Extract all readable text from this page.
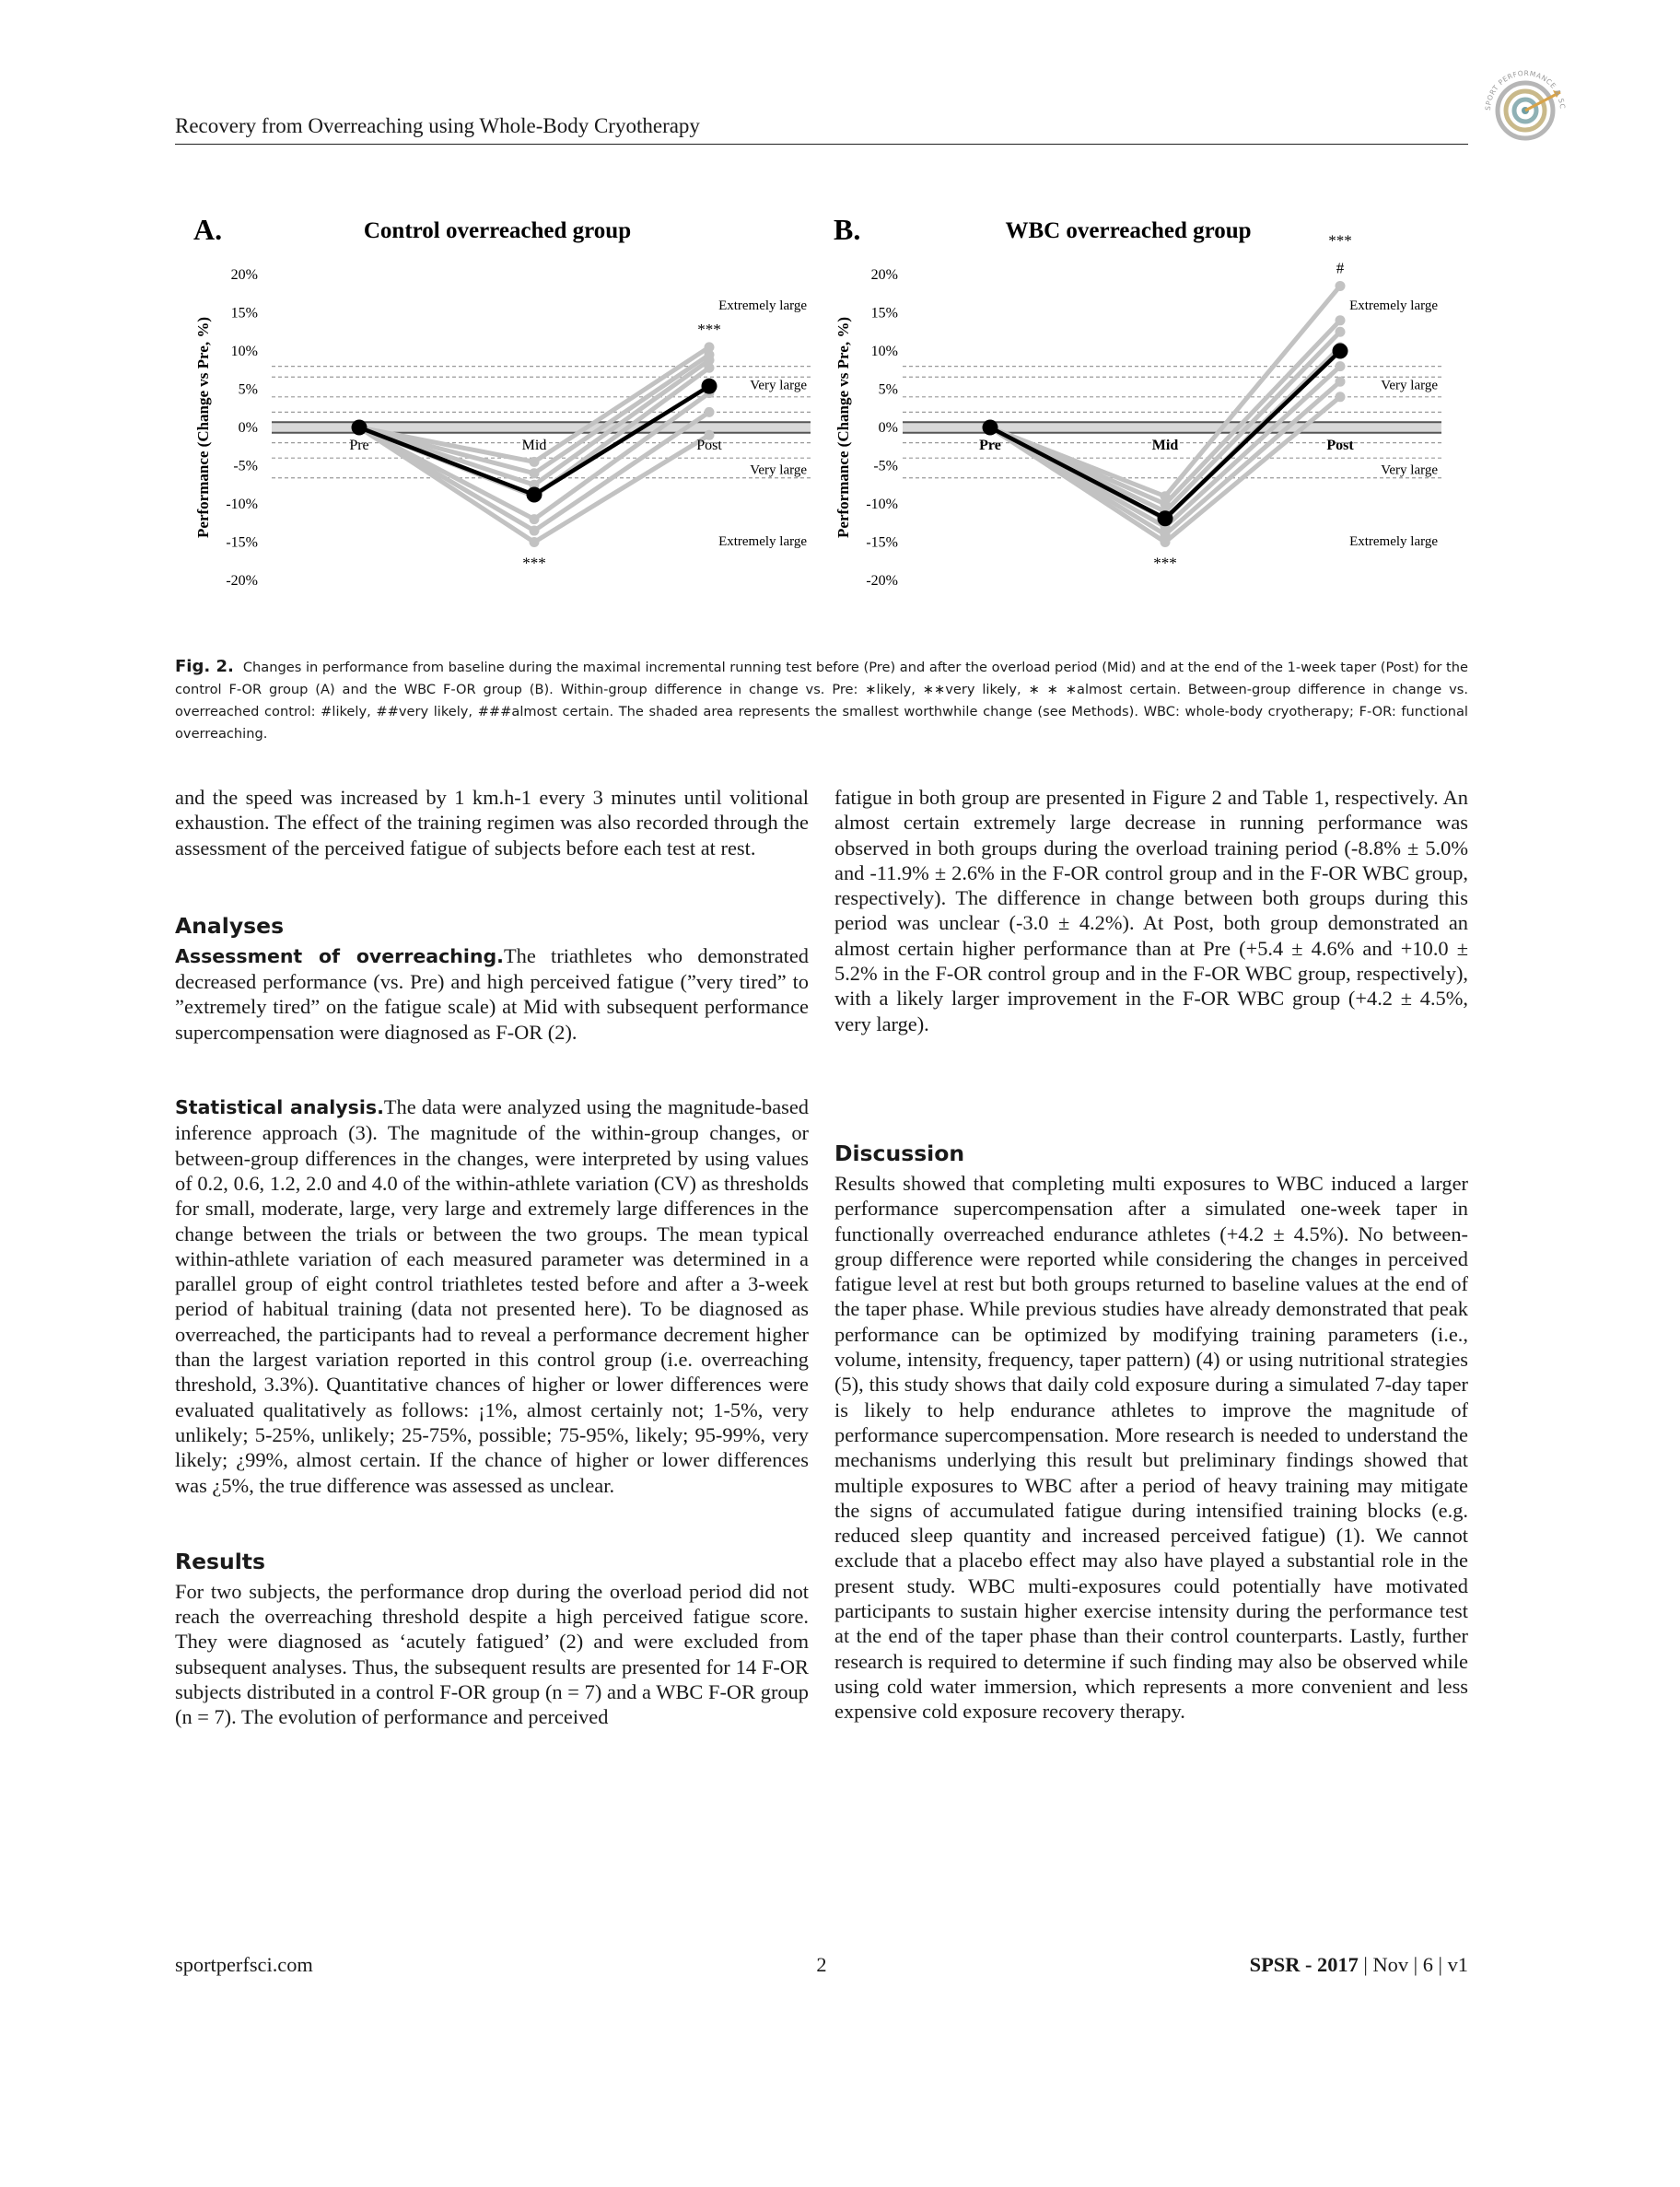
Recovery from Overreaching using Whole-Body Cryotherapy
SPORT PERFORMANCE & SC
A.	Control overreached group
Performance (Change vs Pre, %)
20%
15%
10%
5%
0%
-5%
-10%
-15%
-20%
Pre	Mid	Post
Extremely large
Very large
Very large
Extremely large
***
***
B.	WBC overreached group
Performance (Change vs Pre, %)
20%
15%
10%
5%
0%
-5%
-10%
-15%
-20%
Pre	Mid	Post
Extremely large
Very large
Very large
Extremely large
***
***
#
Fig. 2. Changes in performance from baseline during the maximal incremental running test before (Pre) and after the overload period (Mid) and at the end of the 1-week taper (Post) for the control F-OR group (A) and the WBC F-OR group (B). Within-group difference in change vs. Pre: ∗likely, ∗∗very likely, ∗ ∗ ∗almost certain. Between-group difference in change vs. overreached control: #likely, ##very likely, ###almost certain. The shaded area represents the smallest worthwhile change (see Methods). WBC: whole-body cryotherapy; F-OR: functional overreaching.

and the speed was increased by 1 km.h-1 every 3 minutes until volitional exhaustion. The effect of the training regimen was also recorded through the assessment of the perceived fatigue of subjects before each test at rest.

Analyses

Assessment of overreaching.The triathletes who demonstrated decreased performance (vs. Pre) and high perceived fatigue (”very tired” to ”extremely tired” on the fatigue scale) at Mid with subsequent performance supercompensation were diagnosed as F-OR (2).

Statistical analysis.The data were analyzed using the magnitude-based inference approach (3). The magnitude of the within-group changes, or between-group differences in the changes, were interpreted by using values of 0.2, 0.6, 1.2, 2.0 and 4.0 of the within-athlete variation (CV) as thresholds for small, moderate, large, very large and extremely large differences in the change between the trials or between the two groups. The mean typical within-athlete variation of each measured parameter was determined in a parallel group of eight control triathletes tested before and after a 3-week period of habitual training (data not presented here). To be diagnosed as overreached, the participants had to reveal a performance decrement higher than the largest variation reported in this control group (i.e. overreaching threshold, 3.3%). Quantitative chances of higher or lower differences were evaluated qualitatively as follows: ¡1%, almost certainly not; 1-5%, very unlikely; 5-25%, unlikely; 25-75%, possible; 75-95%, likely; 95-99%, very likely; ¿99%, almost certain. If the chance of higher or lower differences was ¿5%, the true difference was assessed as unclear.

Results

For two subjects, the performance drop during the overload period did not reach the overreaching threshold despite a high perceived fatigue score. They were diagnosed as ‘acutely fatigued’ (2) and were excluded from subsequent analyses. Thus, the subsequent results are presented for 14 F-OR subjects distributed in a control F-OR group (n = 7) and a WBC F-OR group (n = 7). The evolution of performance and perceived

fatigue in both group are presented in Figure 2 and Table 1, respectively. An almost certain extremely large decrease in running performance was observed in both groups during the overload training period (-8.8% ± 5.0% and -11.9% ± 2.6% in the F-OR control group and in the F-OR WBC group, respectively). The difference in change between both groups during this period was unclear (-3.0 ± 4.2%). At Post, both group demonstrated an almost certain higher performance than at Pre (+5.4 ± 4.6% and +10.0 ± 5.2% in the F-OR control group and in the F-OR WBC group, respectively), with a likely larger improvement in the F-OR WBC group (+4.2 ± 4.5%, very large).

Discussion

Results showed that completing multi exposures to WBC induced a larger performance supercompensation after a simulated one-week taper in functionally overreached endurance athletes (+4.2 ± 4.5%). No between-group difference were reported while considering the changes in perceived fatigue level at rest but both groups returned to baseline values at the end of the taper phase. While previous studies have already demonstrated that peak performance can be optimized by modifying training parameters (i.e., volume, intensity, frequency, taper pattern) (4) or using nutritional strategies (5), this study shows that daily cold exposure during a simulated 7-day taper is likely to help endurance athletes to improve the magnitude of performance supercompensation. More research is needed to understand the mechanisms underlying this result but preliminary findings showed that multiple exposures to WBC after a period of heavy training may mitigate the signs of accumulated fatigue during intensified training blocks (e.g. reduced sleep quantity and increased perceived fatigue) (1). We cannot exclude that a placebo effect may also have played a substantial role in the present study. WBC multi-exposures could potentially have motivated participants to sustain higher exercise intensity during the performance test at the end of the taper phase than their control counterparts. Lastly, further research is required to determine if such finding may also be observed while using cold water immersion, which represents a more convenient and less expensive cold exposure recovery therapy.

sportperfsci.com	2	SPSR - 2017 | Nov | 6 | v1
